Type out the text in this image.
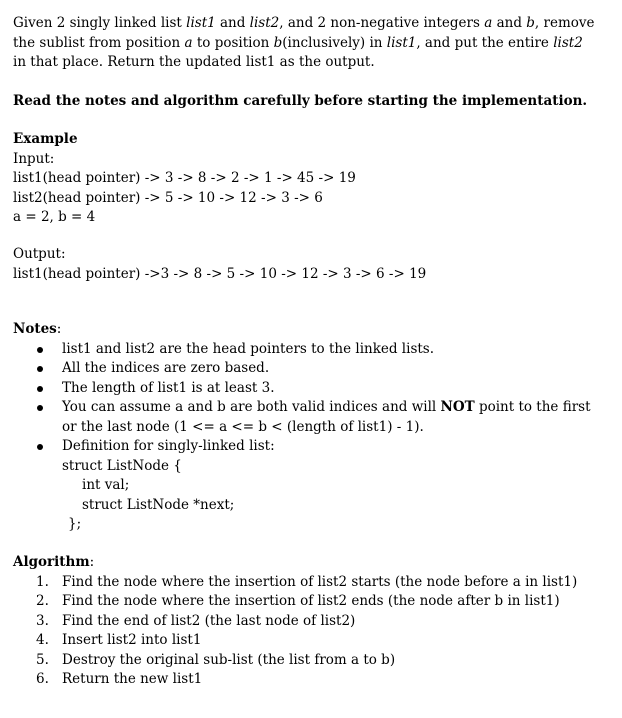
Given 2 singly linked list list1 and list2, and 2 non-negative integers a and b, remove
the sublist from position a to position b(inclusively) in list1, and put the entire list2
in that place. Return the updated list1 as the output.
Read the notes and algorithm carefully before starting the implementation.
Example
Input:
list1(head pointer) -> 3 -> 8 -> 2 -> 1 -> 45 -> 19
list2(head pointer) -> 5 -> 10 -> 12 -> 3 -> 6
a = 2, b = 4
Output:
list1(head pointer) ->3 -> 8 -> 5 -> 10 -> 12 -> 3 -> 6 -> 19
Notes:
list1 and list2 are the head pointers to the linked lists.
All the indices are zero based.
The length of list1 is at least 3.
You can assume a and b are both valid indices and will NOT point to the first
or the last node (1 <= a <= b < (length of list1) - 1).
Definition for singly-linked list:
struct ListNode {
int val;
struct ListNode *next;
};
Algorithm:
1. Find the node where the insertion of list2 starts (the node before a in list1)
2. Find the node where the insertion of list2 ends (the node after b in list1)
3. Find the end of list2 (the last node of list2)
4. Insert list2 into list1
5. Destroy the original sub-list (the list from a to b)
6. Return the new list1
